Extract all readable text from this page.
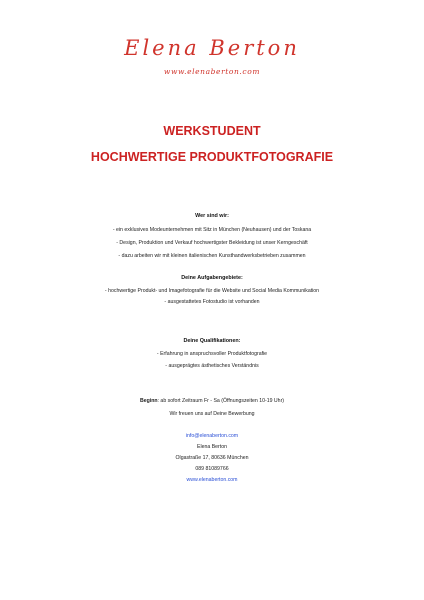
Elena Berton
www.elenaberton.com
WERKSTUDENT
HOCHWERTIGE PRODUKTFOTOGRAFIE
Wer sind wir:
- ein exklusives Modeunternehmen mit Sitz in München (Neuhausen) und der Toskana
- Design, Produktion und Verkauf hochwertigster Bekleidung ist unser Kerngeschäft
- dazu arbeiten wir mit kleinen italienischen Kunsthandwerksbetrieben zusammen
Deine Aufgabengebiete:
- hochwertige Produkt- und Imagefotografie für die Website und Social Media Kommunikation
- ausgestattetes Fotostudio ist vorhanden
Deine Qualifikationen:
- Erfahrung in anspruchsvoller Produktfotografie
- ausgeprägtes ästhetisches Verständnis
Beginn: ab sofort Zeitraum Fr - Sa (Öffnungszeiten 10-19 Uhr)
Wir freuen uns auf Deine Bewerbung
info@elenaberton.com
Elena Berton
Olgastraße 17, 80636 München
089 81089766
www.elenaberton.com
